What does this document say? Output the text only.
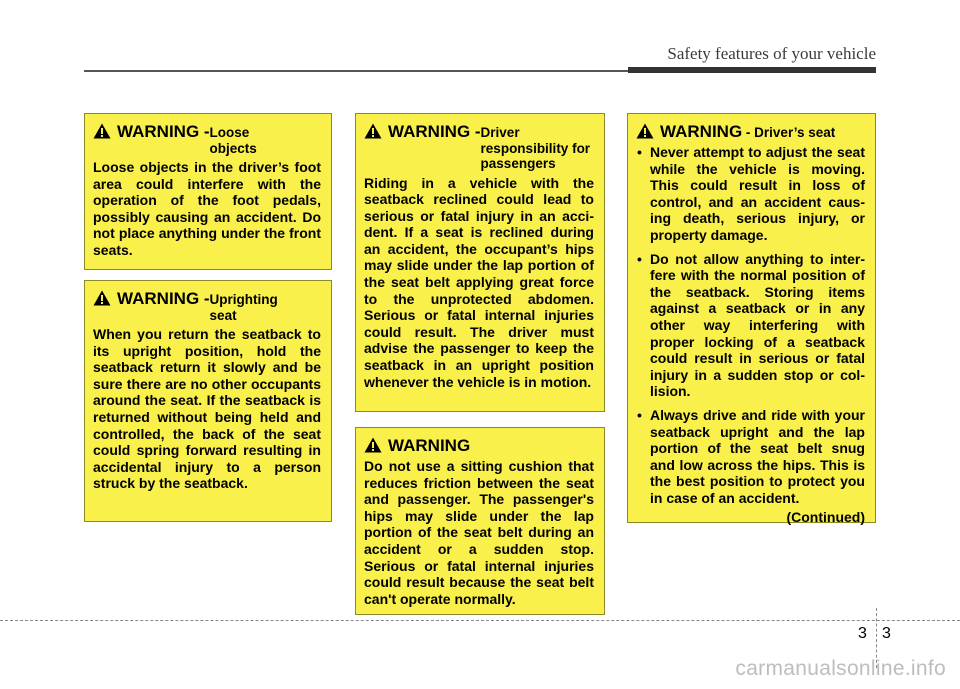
Safety features of your vehicle
WARNING - Loose objects
Loose objects in the driver’s foot area could interfere with the operation of the foot pedals, possibly causing an accident. Do not place anything under the front seats.
WARNING - Uprighting seat
When you return the seatback to its upright position, hold the seatback return it slowly and be sure there are no other occupants around the seat. If the seatback is returned without being held and controlled, the back of the seat could spring forward resulting in accidental injury to a person struck by the seatback.
WARNING - Driver responsibility for passengers
Riding in a vehicle with the seatback reclined could lead to serious or fatal injury in an accident. If a seat is reclined during an accident, the occupant’s hips may slide under the lap portion of the seat belt applying great force to the unprotected abdomen. Serious or fatal internal injuries could result. The driver must advise the passenger to keep the seatback in an upright position whenever the vehicle is in motion.
WARNING
Do not use a sitting cushion that reduces friction between the seat and passenger. The passenger's hips may slide under the lap portion of the seat belt during an accident or a sudden stop. Serious or fatal internal injuries could result because the seat belt can't operate normally.
WARNING - Driver’s seat
• Never attempt to adjust the seat while the vehicle is moving. This could result in loss of control, and an accident causing death, serious injury, or property damage.
• Do not allow anything to interfere with the normal position of the seatback. Storing items against a seatback or in any other way interfering with proper locking of a seatback could result in serious or fatal injury in a sudden stop or collision.
• Always drive and ride with your seatback upright and the lap portion of the seat belt snug and low across the hips. This is the best position to protect you in case of an accident.
(Continued)
3 3
carmanualsonline.info
